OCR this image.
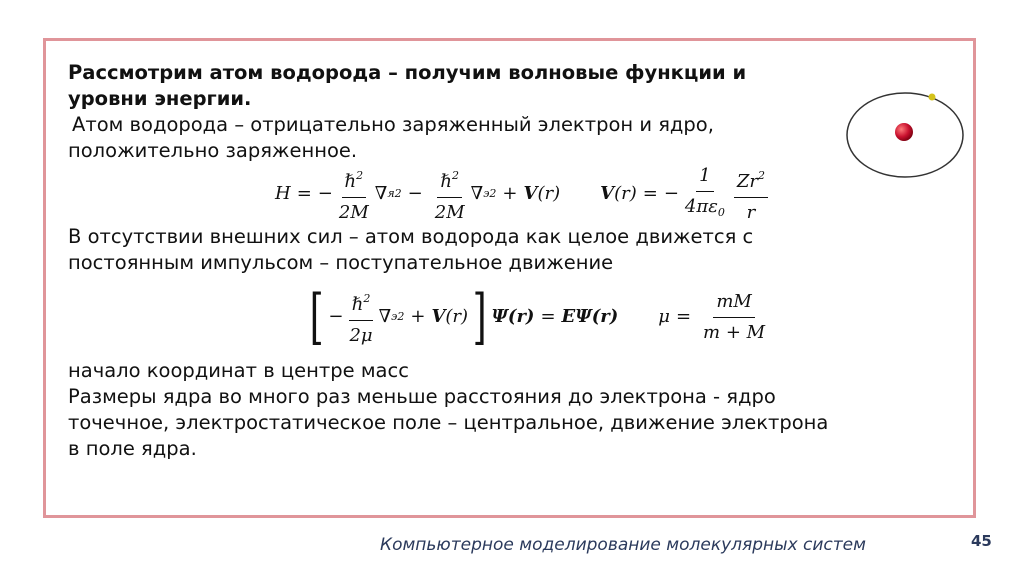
Рассмотрим атом водорода – получим волновые функции и
уровни энергии.
Атом водорода – отрицательно заряженный электрон и ядро,
положительно заряженное.
H = − $\frac{\hbar^2}{2M}$ ∇ я $2 - \frac{\hbar^2}{2M}$ ∇ э 2 + V (r) V (r) = − $\frac{1}{4\pi\varepsilon_0} \frac{Zr^2}{r}$
В отсутствии внешних сил – атом водорода как целое движется с
постоянным импульсом – поступательное движение
[ − $\frac{\hbar^2}{2\mu}$ ∇ э 2 + V (r) ] Ψ (r) = E Ψ (r) $\mu = \frac{mM}{m + M}$
начало координат в центре масс
Размеры ядра во много раз меньше расстояния до электрона - ядро
точечное, электростатическое поле – центральное, движение электрона
в поле ядра.
Компьютерное моделирование молекулярных систем	45
